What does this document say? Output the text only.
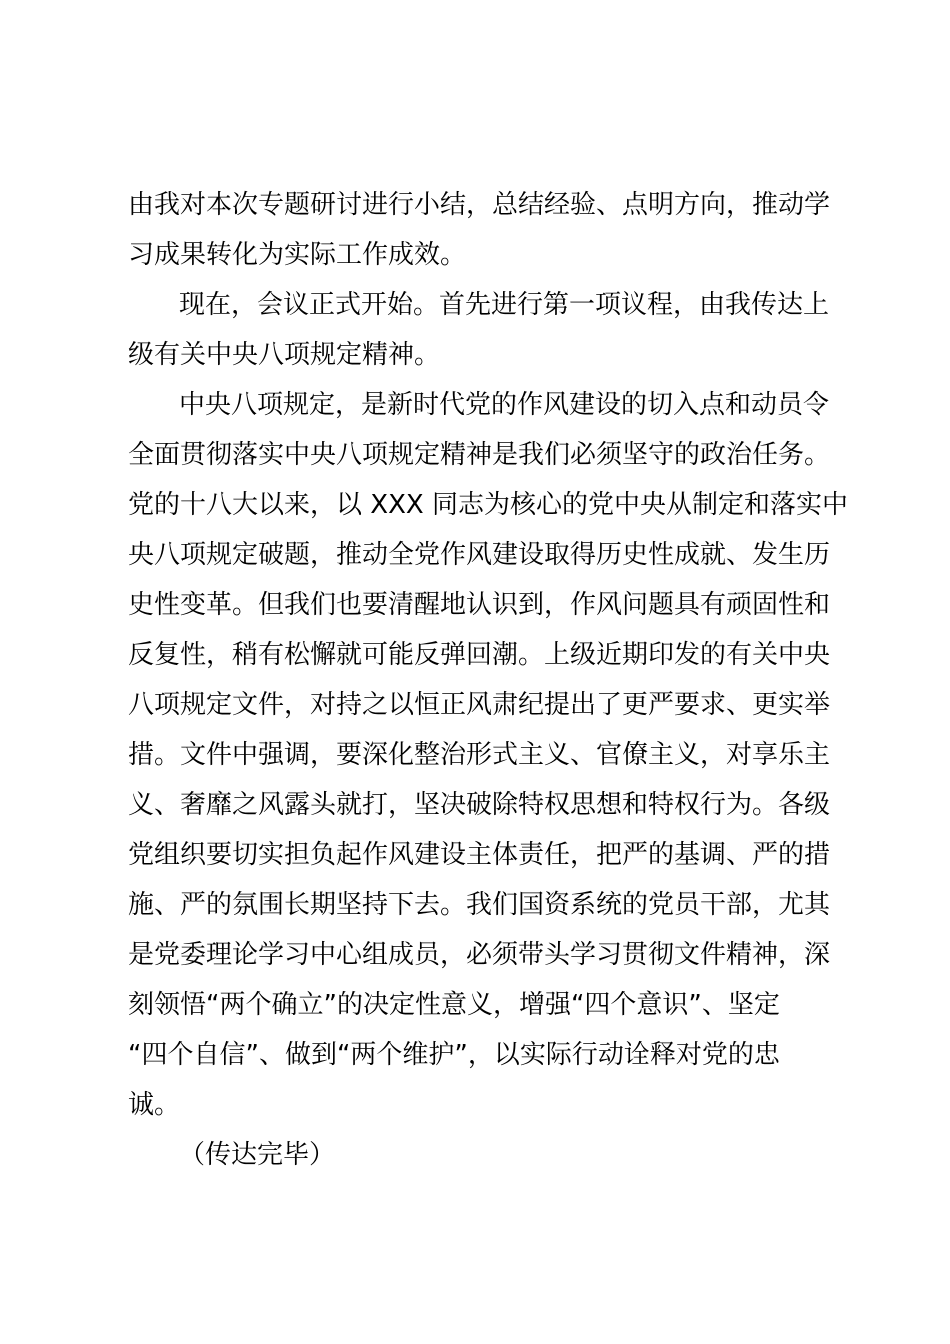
由我对本次专题研讨进行小结，总结经验、点明方向，推动学
习成果转化为实际工作成效。
现在，会议正式开始。首先进行第一项议程，由我传达上
级有关中央八项规定精神。
中央八项规定，是新时代党的作风建设的切入点和动员令
全面贯彻落实中央八项规定精神是我们必须坚守的政治任务。
党的十八大以来，以 XXX 同志为核心的党中央从制定和落实中
央八项规定破题，推动全党作风建设取得历史性成就、发生历
史性变革。但我们也要清醒地认识到，作风问题具有顽固性和
反复性，稍有松懈就可能反弹回潮。上级近期印发的有关中央
八项规定文件，对持之以恒正风肃纪提出了更严要求、更实举
措。文件中强调，要深化整治形式主义、官僚主义，对享乐主
义、奢靡之风露头就打，坚决破除特权思想和特权行为。各级
党组织要切实担负起作风建设主体责任，把严的基调、严的措
施、严的氛围长期坚持下去。我们国资系统的党员干部，尤其
是党委理论学习中心组成员，必须带头学习贯彻文件精神，深
刻领悟“两个确立”的决定性意义，增强“四个意识”、坚定
“四个自信”、做到“两个维护”，以实际行动诠释对党的忠
诚。
（传达完毕）
